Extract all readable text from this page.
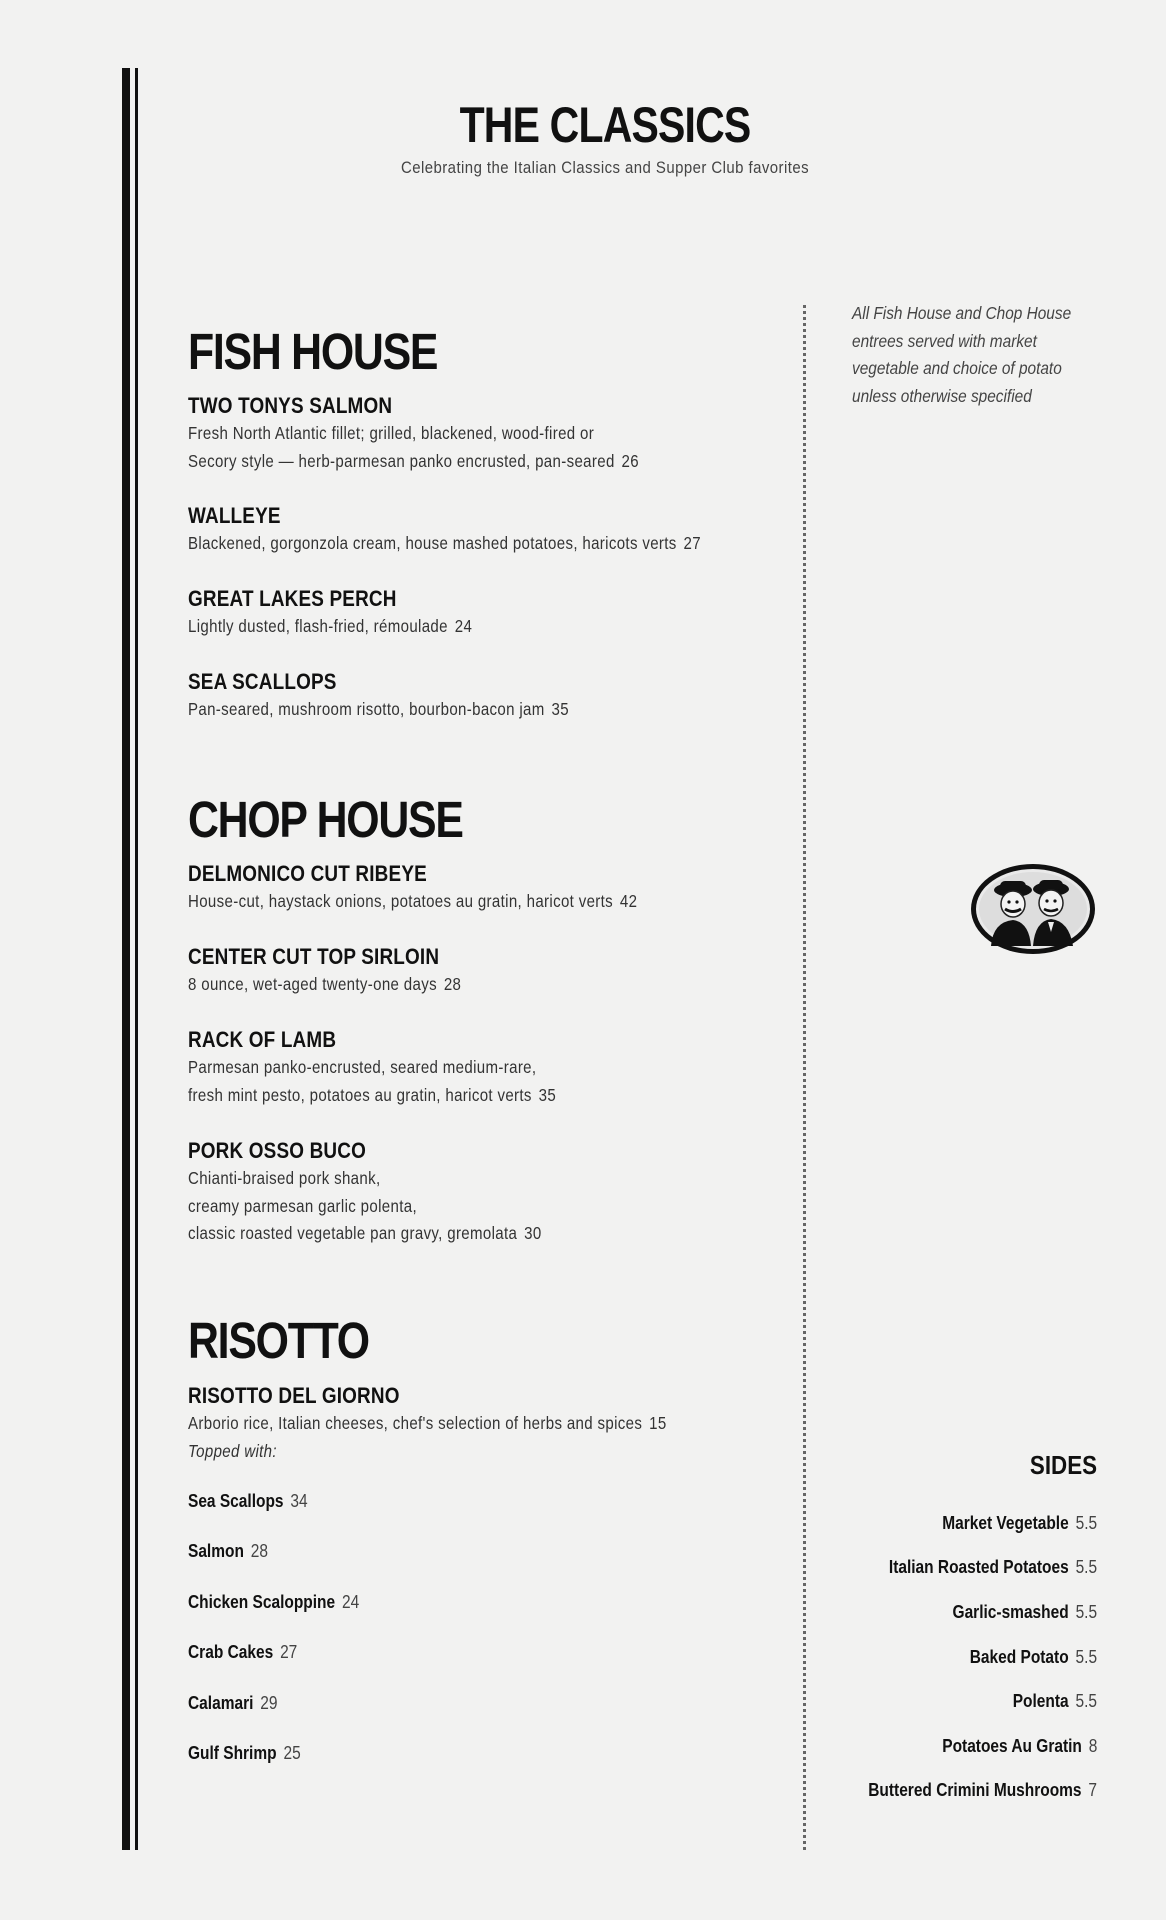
THE CLASSICS
Celebrating the Italian Classics and Supper Club favorites
FISH HOUSE
TWO TONYS SALMON
Fresh North Atlantic fillet; grilled, blackened, wood-fired or
Secory style — herb-parmesan panko encrusted, pan-seared 26
WALLEYE
Blackened, gorgonzola cream, house mashed potatoes, haricots verts 27
GREAT LAKES PERCH
Lightly dusted, flash-fried, rémoulade 24
SEA SCALLOPS
Pan-seared, mushroom risotto, bourbon-bacon jam 35
CHOP HOUSE
DELMONICO CUT RIBEYE
House-cut, haystack onions, potatoes au gratin, haricot verts 42
CENTER CUT TOP SIRLOIN
8 ounce, wet-aged twenty-one days 28
RACK OF LAMB
Parmesan panko-encrusted, seared medium-rare,
fresh mint pesto, potatoes au gratin, haricot verts 35
PORK OSSO BUCO
Chianti-braised pork shank,
creamy parmesan garlic polenta,
classic roasted vegetable pan gravy, gremolata 30
RISOTTO
RISOTTO DEL GIORNO
Arborio rice, Italian cheeses, chef's selection of herbs and spices 15
Topped with:
Sea Scallops 34
Salmon 28
Chicken Scaloppine 24
Crab Cakes 27
Calamari 29
Gulf Shrimp 25
All Fish House and Chop House entrees served with market vegetable and choice of potato unless otherwise specified
SIDES
Market Vegetable 5.5
Italian Roasted Potatoes 5.5
Garlic-smashed 5.5
Baked Potato 5.5
Polenta 5.5
Potatoes Au Gratin 8
Buttered Crimini Mushrooms 7
